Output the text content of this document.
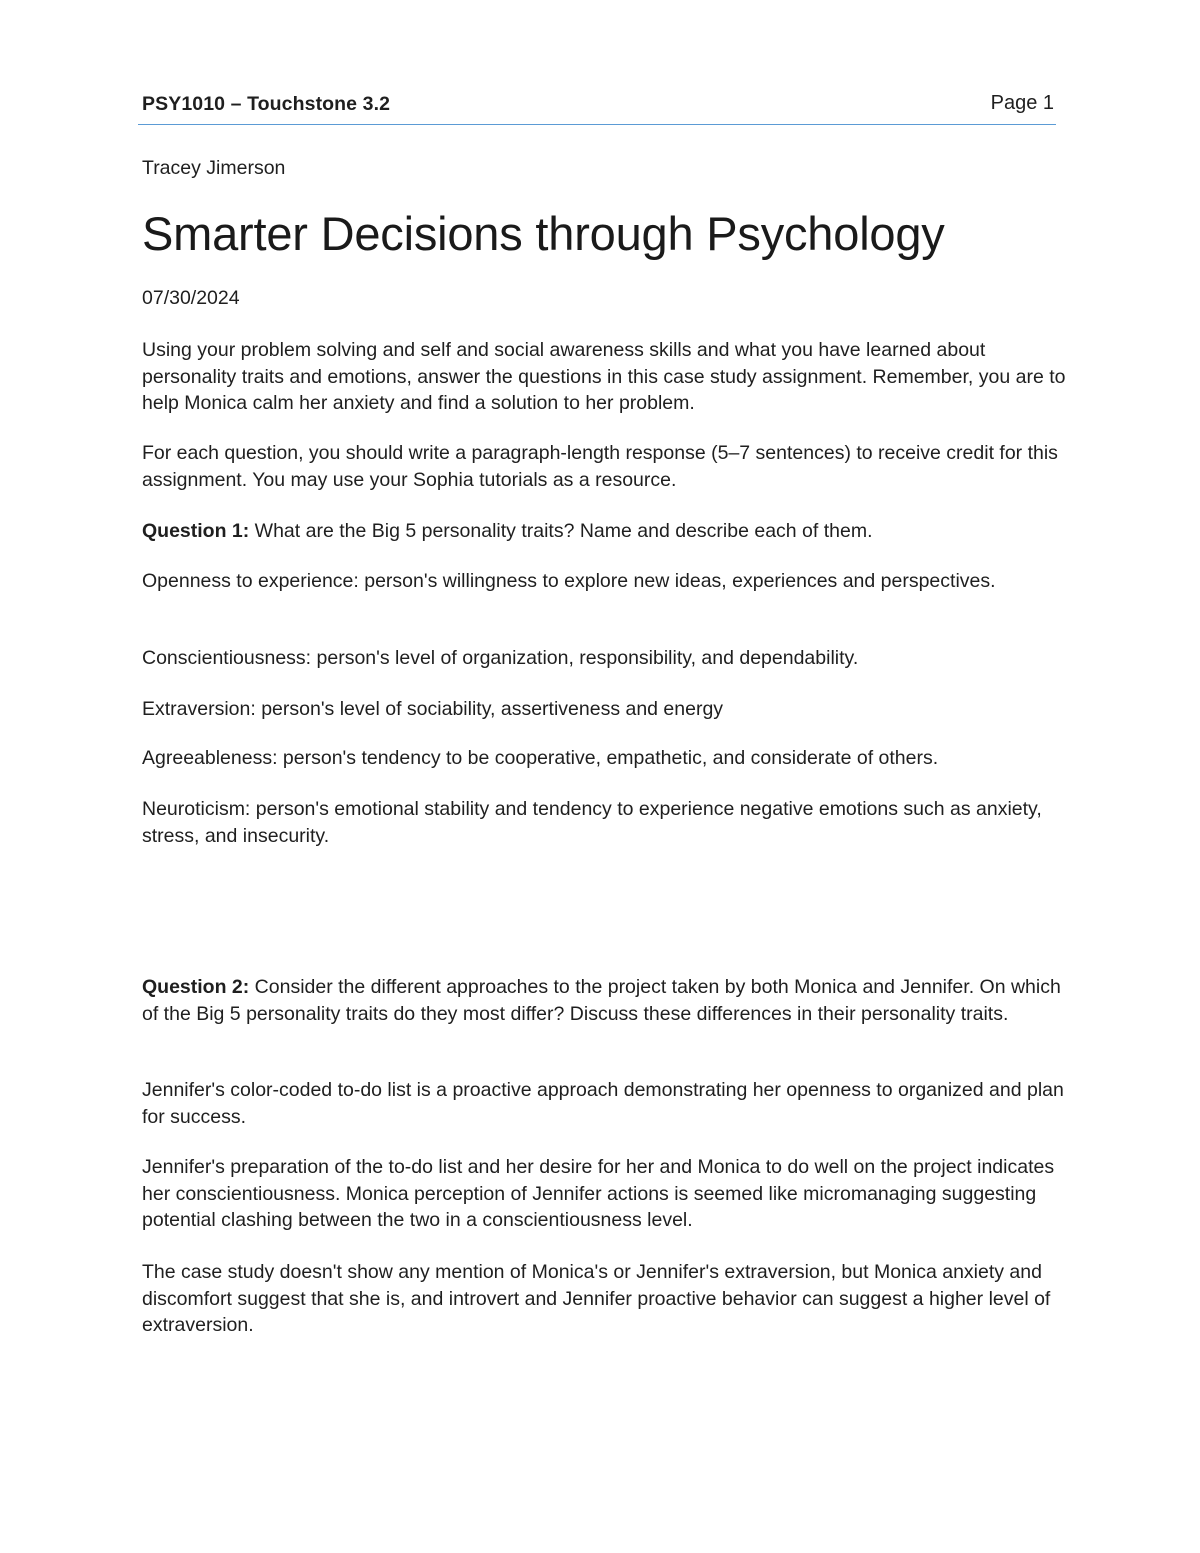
PSY1010 – Touchstone 3.2	Page 1
Tracey Jimerson
Smarter Decisions through Psychology
07/30/2024
Using your problem solving and self and social awareness skills and what you have learned about personality traits and emotions, answer the questions in this case study assignment. Remember, you are to help Monica calm her anxiety and find a solution to her problem.
For each question, you should write a paragraph-length response (5–7 sentences) to receive credit for this assignment. You may use your Sophia tutorials as a resource.
Question 1: What are the Big 5 personality traits? Name and describe each of them.
Openness to experience: person's willingness to explore new ideas, experiences and perspectives.
Conscientiousness: person's level of organization, responsibility, and dependability.
Extraversion: person's level of sociability, assertiveness and energy
Agreeableness: person's tendency to be cooperative, empathetic, and considerate of others.
Neuroticism: person's emotional stability and tendency to experience negative emotions such as anxiety, stress, and insecurity.
Question 2: Consider the different approaches to the project taken by both Monica and Jennifer. On which of the Big 5 personality traits do they most differ? Discuss these differences in their personality traits.
Jennifer's color-coded to-do list is a proactive approach demonstrating her openness to organized and plan for success.
Jennifer's preparation of the to-do list and her desire for her and Monica to do well on the project indicates her conscientiousness. Monica perception of Jennifer actions is seemed like micromanaging suggesting potential clashing between the two in a conscientiousness level.
The case study doesn't show any mention of Monica's or Jennifer's extraversion, but Monica anxiety and discomfort suggest that she is, and introvert and Jennifer proactive behavior can suggest a higher level of extraversion.
